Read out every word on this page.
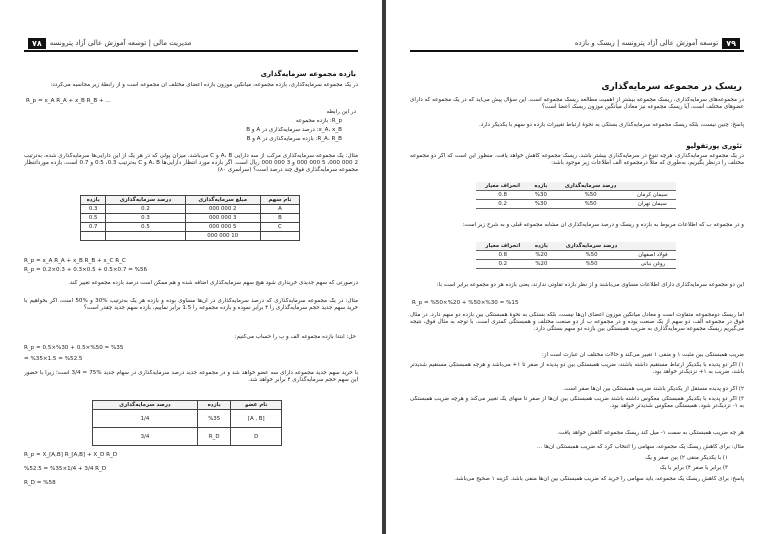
۷۸	مدیریت مالی | توسعه آموزش عالی آزاد پترونسه
بازده مجموعه سرمایه‌گذاری
در یک مجموعه سرمایه‌گذاری، بازده مجموعه، میانگین موزون بازده اعضای مختلف آن مجموعه است و از رابطهٔ زیر محاسبه می‌گردد:
R_p = x_A R_A + x_B R_B + ...
در این رابطه
R_p: بازده مجموعه
x_A، x_B: درصد سرمایه‌گذاری در A و B
R_A، R_B: بازده سرمایه‌گذاری در A و B
مثال: یک مجموعه سرمایه‌گذاری مرکب از سه دارایی A، B و C می‌باشد، میزان پولی که در هر یک از این دارایی‌ها سرمایه‌گذاری شده، به‌ترتیب 2 000 000، 5 000 000 و 3 000 000 ریال است. اگر بازده مورد انتظار دارایی‌ها A، B و C به‌ترتیب 0.3، 0.5 و 0.7 است، بازده مورد‌انتظار مجموعه سرمایه‌گذاری فوق چند درصد است؟ (سراسری ۸۰)
نام سهم	مبلغ سرمایه‌گذاری	درصد سرمایه‌گذاری	بازده
A	2 000 000	0.2	0.3
B	3 000 000	0.3	0.5
C	5 000 000	0.5	0.7
	10 000 000		
R_p = x_A R_A + x_B R_B + x_C R_C
R_p = 0.2×0.3 + 0.3×0.5 + 0.5×0.7 = %56
درصورتی که سهم جدیدی خریداری شود هیچ سهم سرمایه‌گذاری اضافه شده و هم ممکن است درصد بازده مجموعه تغییر کند.
مثال: در یک مجموعه سرمایه‌گذاری که درصد سرمایه‌گذاری در آن‌ها مساوی بوده و بازده هر یک به‌ترتیب %30 و %50 است، اگر بخواهیم با خرید سهم جدید حجم سرمایه‌گذاری را ۴ برابر نموده و بازده مجموعه را 1.5 برابر نماییم، بازده سهم جدید چقدر است؟
حل: ابتدا بازده مجموعه الف و ب را حساب می‌کنیم:
R_p = 0.5×%30 + 0.5×%50 = %35
= %35×1.5 = %52.5
با خرید سهم جدید مجموعه دارای سه عضو خواهد شد و در مجموعه جدید درصد سرمایه‌گذاری در سهام جدید %75 = 3/4 است؛ زیرا با حضور این سهم حجم سرمایه‌گذاری ۴ برابر خواهد شد.
نام عضو	بازده	درصد سرمایه‌گذاری
[A , B]	%35	1/4
D	R_D	3/4
R_p = X_[A,B] R_[A,B] + X_D R_D
%52.5 = %35×1/4 + 3/4 R_D
R_D = %58
توسعه آموزش عالی آزاد پترونسه | ریسک و بازده	۷۹
ریسک در مجموعه سرمایه‌گذاری
در مجموعه‌های سرمایه‌گذاری، ریسک مجموعه بیشتر از اهمیت مطالعه ریسک مجموعه است. این سؤال پیش می‌آید که در یک مجموعه که دارای عضوهای مختلف است، آیا ریسک مجموعه نیز معادل میانگین موزون ریسک اعضا است؟
پاسخ: چنین نیست، بلکه ریسک مجموعه سرمایه‌گذاری بستگی به نحوهٔ ارتباط تغییرات بازده دو سهم با یکدیگر دارد.
تئوری پورتفولیو
در یک مجموعه سرمایه‌گذاری، هرچه تنوع در سرمایه‌گذاری بیشتر باشد، ریسک مجموعه کاهش خواهد یافت. منظور این است که اگر دو مجموعه مختلف را درنظر بگیریم، به‌طوری که مثلاً درمجموعه الف اطلاعات زیر موجود باشد:
	درصد سرمایه‌گذاری	بازده	انحراف معیار
سیمان کرمان	%50	%30	0.8
سیمان تهران	%50	%30	0.2
و در مجموعه ب که اطلاعات مربوط به بازده و ریسک و درصد سرمایه‌گذاری آن مشابه مجموعه قبلی و به شرح زیر است:
	درصد سرمایه‌گذاری	بازده	انحراف معیار
فولاد اصفهان	%50	%20	0.8
روغن نباتی	%50	%20	0.2
این دو مجموعه سرمایه‌گذاری دارای اطلاعات مساوی می‌باشند و از نظر بازده تفاوتی ندارند، یعنی بازده هر دو مجموعه برابر است با:
R_p = %50×%20 + %50×%30 = %15
اما ریسک دومجموعه متفاوت است و معادل میانگین موزون اعضای آن‌ها نیست، بلکه بستگی به نحوهٔ همبستگی بین بازده دو سهم دارد. در مثال فوق در مجموعه الف، دو سهم از یک صنعت بوده و در مجموعه ب از دو صنعت مختلف و همبستگی کمتری است. با توجه به مثال فوق، نتیجه می‌گیریم ریسک مجموعه سرمایه‌گذاری به ضریب همبستگی بین بازده دو سهم بستگی دارد.
ضریب همبستگی بین مثبت ۱ و منفی ۱ تغییر می‌کند و حالات مختلف آن عبارت است از:
۱) اگر دو پدیده با یکدیگر ارتباط مستقیم داشته باشند، ضریب همبستگی بین دو پدیده از صفر تا ۱+ می‌باشد و هرچه همبستگی مستقیم شدیدتر باشد، ضریب به ۱+ نزدیک‌تر خواهد بود.
۲) اگر دو پدیده مستقل از یکدیگر باشند ضریب همبستگی بین آن‌ها صفر است.
۳) اگر دو پدیده با یکدیگر همبستگی معکوس داشته باشند ضریب همبستگی بین آن‌ها از صفر تا منهای یک تغییر می‌کند و هرچه ضریب همبستگی به ۱- نزدیک‌تر شود، همبستگی معکوس شدیدتر خواهد بود.
هر چه ضریب همبستگی به سمت ۱- میل کند ریسک مجموعه کاهش خواهد یافت.
مثال: برای کاهش ریسک یک مجموعه، سهامی را انتخاب کرد که ضریب همبستگی آن‌ها ...
۱) با یکدیگر منفی ۲) بین صفر و یک
۳) برابر با صفر ۴) برابر با یک
پاسخ: برای کاهش ریسک یک مجموعه، باید سهامی را خرید که ضریب همبستگی بین آن‌ها منفی باشد. گزینه ۱ صحیح می‌باشد.
